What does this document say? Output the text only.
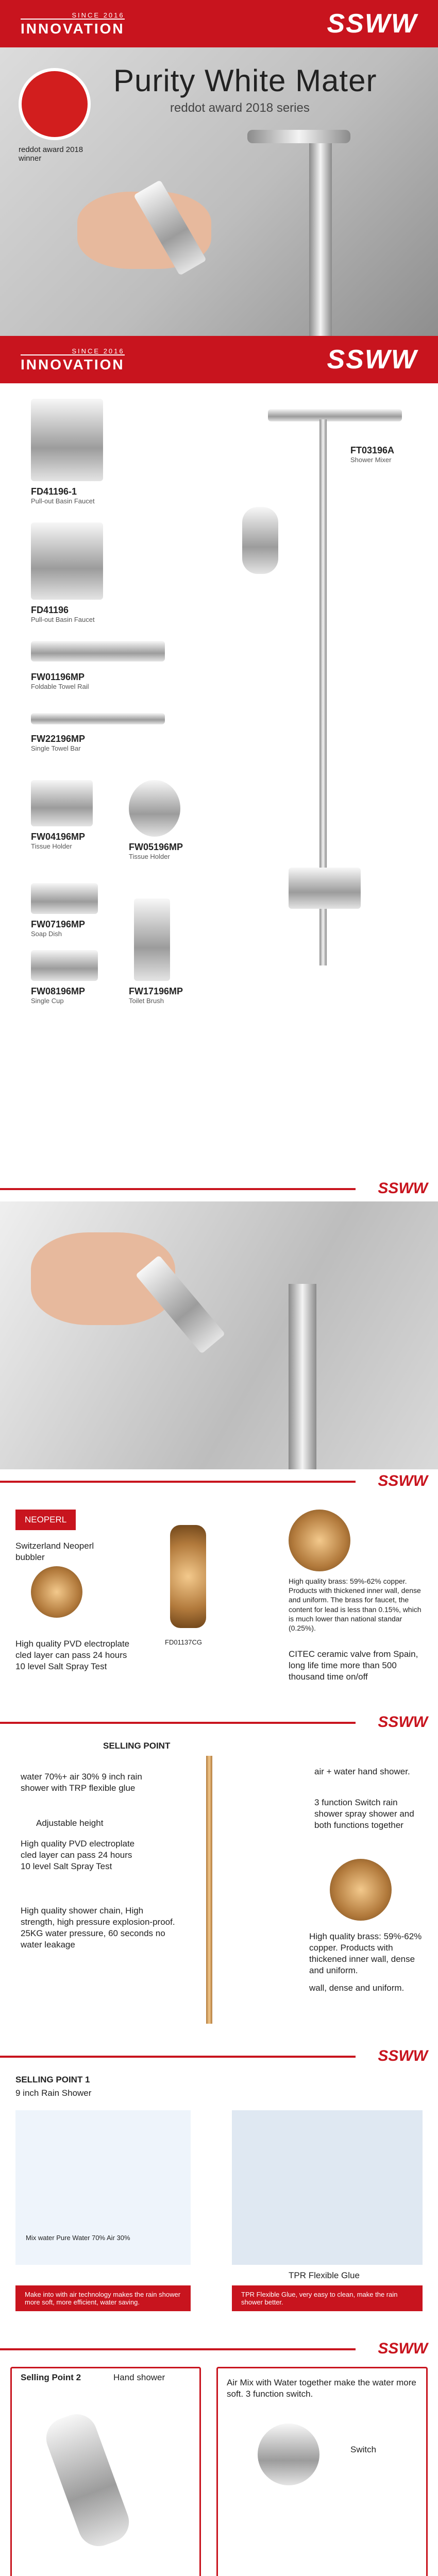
SINCE 2016
INNOVATION	SSWW
reddot award 2018 winner
Purity White Mater
reddot award 2018 series
SINCE 2016
INNOVATION	SSWW
FD41196-1
Pull-out Basin Faucet
FD41196
Pull-out Basin Faucet
FW01196MP
Foldable Towel Rail
FW22196MP
Single Towel Bar
FW04196MP
Tissue Holder	FW05196MP
Tissue Holder
FW07196MP
Soap Dish
FW08196MP
Single Cup
FW17196MP
Toilet Brush
FT03196A
Shower Mixer
SSWW
SSWW
NEOPERL
Switzerland Neoperl bubbler
High quality PVD electroplate cled layer can pass 24 hours 10 level Salt Spray Test
FD01137CG
High quality brass: 59%-62% copper. Products with thickened inner wall, dense and uniform. The brass for faucet, the content for lead is less than 0.15%, which is much lower than national standar (0.25%).
CITEC ceramic valve from Spain, long life time more than 500 thousand time on/off
SSWW
SELLING POINT
water 70%+ air 30% 9 inch rain shower with TRP flexible glue
Adjustable height
High quality PVD electroplate cled layer can pass 24 hours 10 level Salt Spray Test
High quality shower chain, High strength, high pressure explosion-proof. 25KG water pressure, 60 seconds no water leakage
air + water hand shower.
3 function Switch rain shower spray shower and both functions together
High quality brass: 59%-62% copper. Products with thickened inner wall, dense and uniform.
wall, dense and uniform.
SSWW
SELLING POINT 1
9 inch Rain Shower
Mix water Pure Water 70% Air 30%
TPR Flexible Glue
Make into with air technology makes the rain shower more soft, more efficient, water saving.
TPR Flexible Glue, very easy to clean, make the rain shower better.
SSWW
Selling Point 2	Hand shower
Air Mix with Water together make the water more soft. 3 function switch.
Switch
